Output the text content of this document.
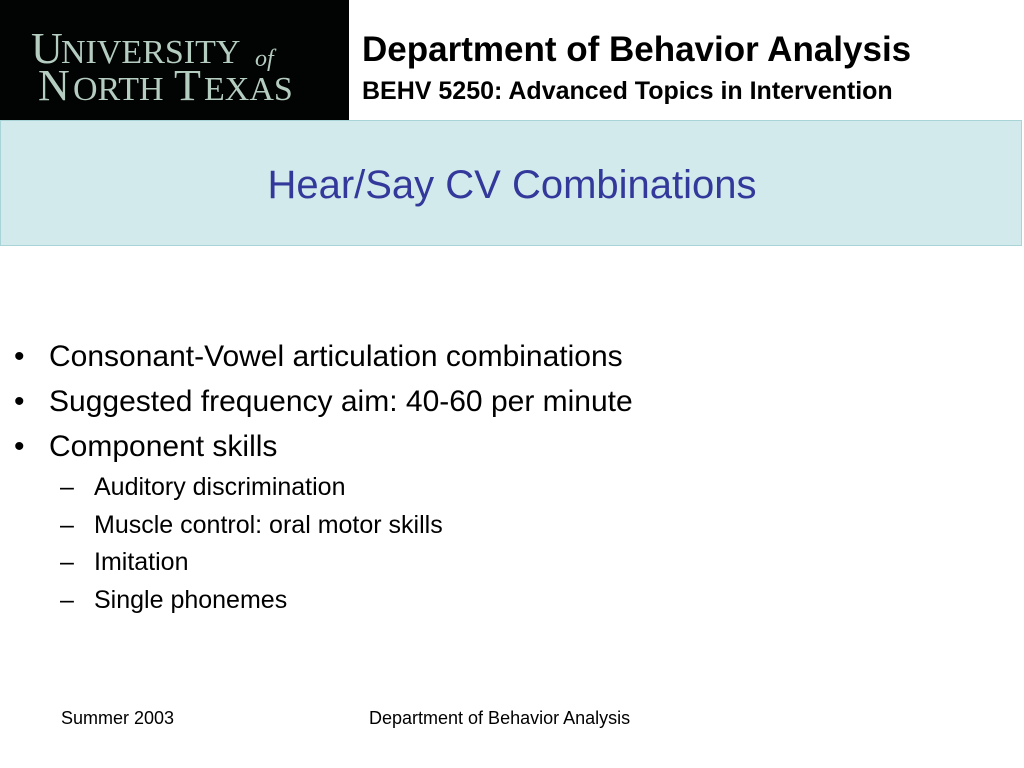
U
NIVERSITY of
N ORTH T EXAS
Department of Behavior Analysis
BEHV 5250: Advanced Topics in Intervention
Hear/Say CV Combinations
• Consonant-Vowel articulation combinations
• Suggested frequency aim: 40-60 per minute
• Component skills
– Auditory discrimination
– Muscle control: oral motor skills
– Imitation
– Single phonemes
Summer 2003	Department of Behavior Analysis
